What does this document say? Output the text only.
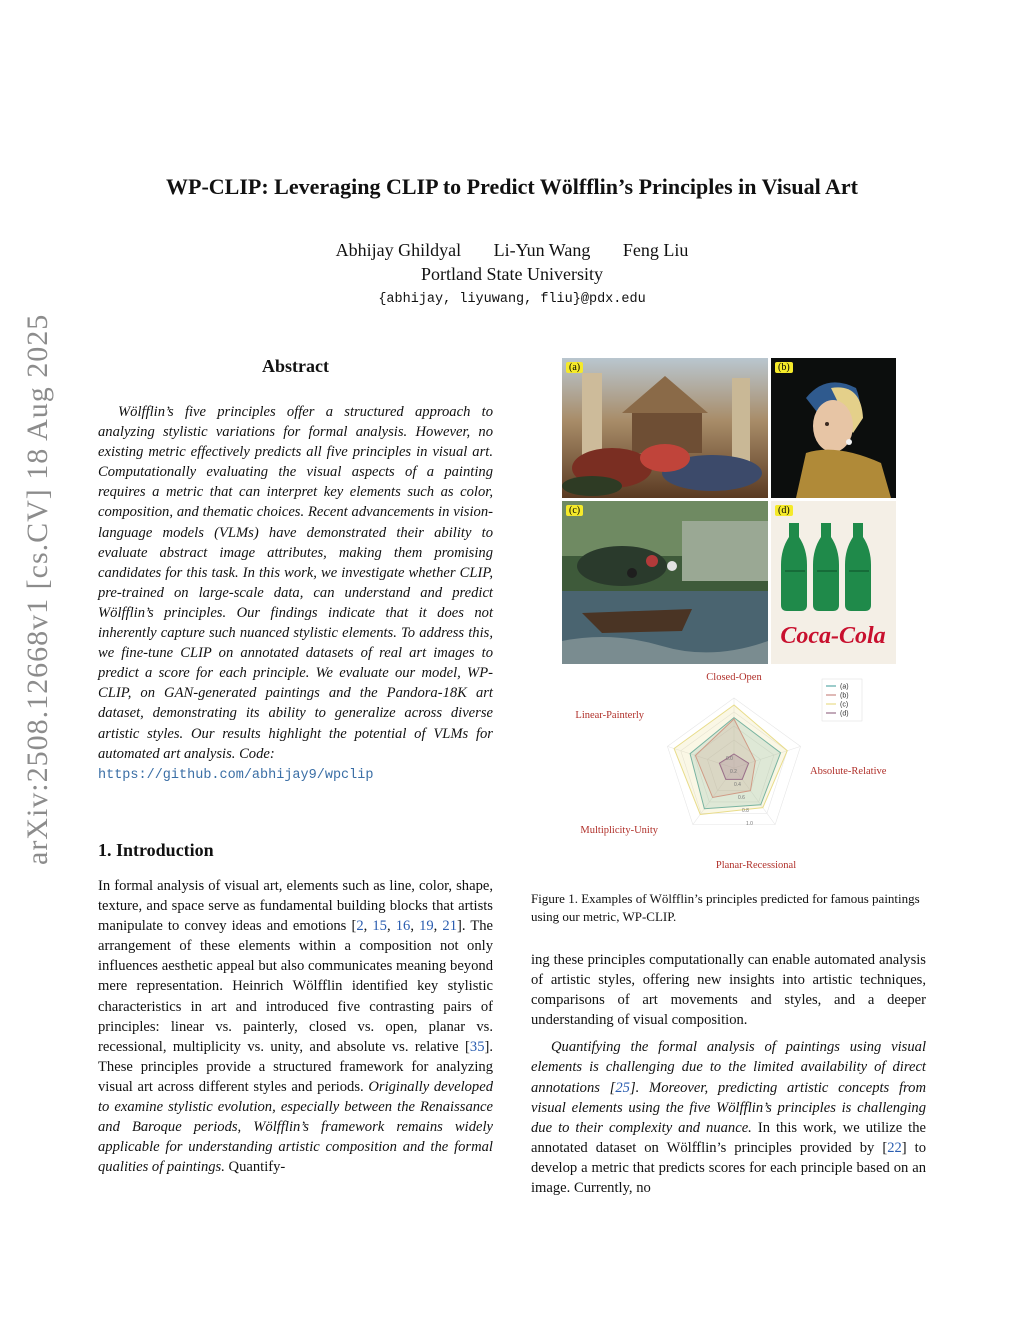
arXiv:2508.12668v1 [cs.CV] 18 Aug 2025
WP-CLIP: Leveraging CLIP to Predict Wölfflin’s Principles in Visual Art
Abhijay Ghildyal Li-Yun Wang Feng Liu
Portland State University
{abhijay, liyuwang, fliu}@pdx.edu
Abstract

Wölfflin’s five principles offer a structured approach to analyzing stylistic variations for formal analysis. However, no existing metric effectively predicts all five principles in visual art. Computationally evaluating the visual aspects of a painting requires a metric that can interpret key elements such as color, composition, and thematic choices. Recent advancements in vision-language models (VLMs) have demonstrated their ability to evaluate abstract image attributes, making them promising candidates for this task. In this work, we investigate whether CLIP, pre-trained on large-scale data, can understand and predict Wölfflin’s principles. Our findings indicate that it does not inherently capture such nuanced stylistic elements. To address this, we fine-tune CLIP on annotated datasets of real art images to predict a score for each principle. We evaluate our model, WP-CLIP, on GAN-generated paintings and the Pandora-18K art dataset, demonstrating its ability to generalize across diverse artistic styles. Our results highlight the potential of VLMs for automated art analysis. Code:
https://github.com/abhijay9/wpclip

1. Introduction

In formal analysis of visual art, elements such as line, color, shape, texture, and space serve as fundamental building blocks that artists manipulate to convey ideas and emotions [2, 15, 16, 19, 21]. The arrangement of these elements within a composition not only influences aesthetic appeal but also communicates meaning beyond mere representation. Heinrich Wölfflin identified key stylistic characteristics in art and introduced five contrasting pairs of principles: linear vs. painterly, closed vs. open, planar vs. recessional, multiplicity vs. unity, and absolute vs. relative [35]. These principles provide a structured framework for analyzing visual art across different styles and periods. Originally developed to examine stylistic evolution, especially between the Renaissance and Baroque periods, Wölfflin’s framework remains widely applicable for understanding artistic composition and the formal qualities of paintings. Quantify-

(a)	(b)
(c)
Coca-Cola
(d)
0.0
0.2
0.4
0.6
0.8
1.0
Closed-Open
Absolute-Relative
Planar-Recessional
Multiplicity-Unity
Linear-Painterly
(a)
(b)
(c)
(d)
Figure 1. Examples of Wölfflin’s principles predicted for famous paintings using our metric, WP-CLIP.

ing these principles computationally can enable automated analysis of artistic styles, offering new insights into artistic techniques, comparisons of art movements and styles, and a deeper understanding of visual composition.

Quantifying the formal analysis of paintings using visual elements is challenging due to the limited availability of direct annotations [25]. Moreover, predicting artistic concepts from visual elements using the five Wölfflin’s principles is challenging due to their complexity and nuance. In this work, we utilize the annotated dataset on Wölfflin’s principles provided by [22] to develop a metric that predicts scores for each principle based on an image. Currently, no
